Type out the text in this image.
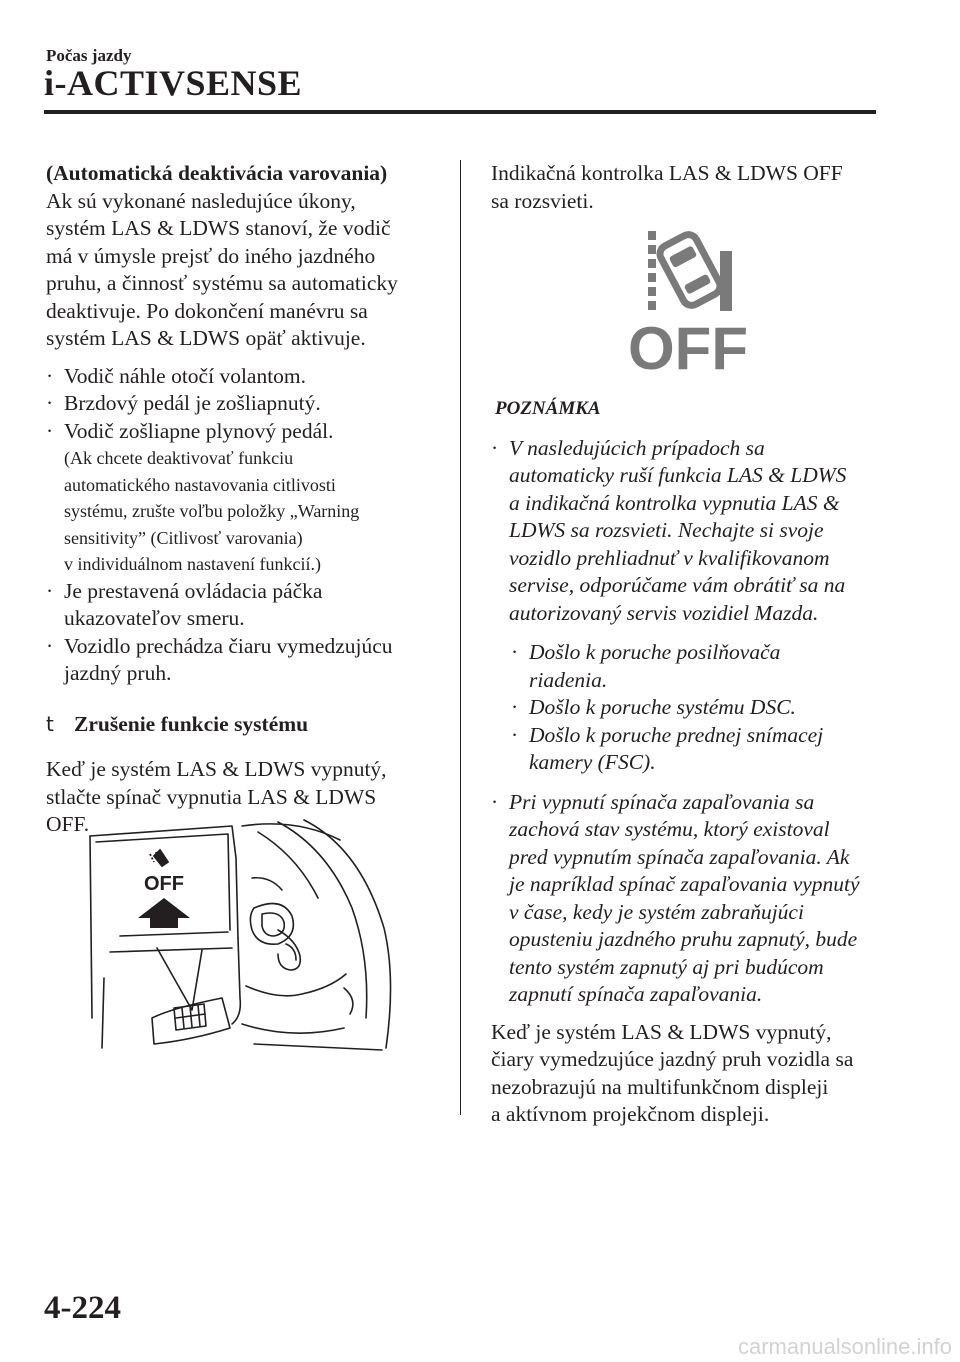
Počas jazdy
i-ACTIVSENSE

(Automatická deaktivácia varovania)

Ak sú vykonané nasledujúce úkony,

systém LAS & LDWS stanoví, že vodič

má v úmysle prejsť do iného jazdného

pruhu, a činnosť systému sa automaticky

deaktivuje. Po dokončení manévru sa

systém LAS & LDWS opäť aktivuje.

· Vodič náhle otočí volantom.

· Brzdový pedál je zošliapnutý.

· Vodič zošliapne plynový pedál.

(Ak chcete deaktivovať funkciu

automatického nastavovania citlivosti

systému, zrušte voľbu položky „Warning

sensitivity” (Citlivosť varovania)

v individuálnom nastavení funkcií.)

· Je prestavená ovládacia páčka

ukazovateľov smeru.

· Vozidlo prechádza čiaru vymedzujúcu

jazdný pruh.

t Zrušenie funkcie systému

Keď je systém LAS & LDWS vypnutý,

stlačte spínač vypnutia LAS & LDWS

OFF.

OFF

Indikačná kontrolka LAS & LDWS OFF

sa rozsvieti.

POZNÁMKA

· V nasledujúcich prípadoch sa

automaticky ruší funkcia LAS & LDWS

a indikačná kontrolka vypnutia LAS &

LDWS sa rozsvieti. Nechajte si svoje

vozidlo prehliadnuť v kvalifikovanom

servise, odporúčame vám obrátiť sa na

autorizovaný servis vozidiel Mazda.

· Došlo k poruche posilňovača

riadenia.

· Došlo k poruche systému DSC.

· Došlo k poruche prednej snímacej

kamery (FSC).

· Pri vypnutí spínača zapaľovania sa

zachová stav systému, ktorý existoval

pred vypnutím spínača zapaľovania. Ak

je napríklad spínač zapaľovania vypnutý

v čase, kedy je systém zabraňujúci

opusteniu jazdného pruhu zapnutý, bude

tento systém zapnutý aj pri budúcom

zapnutí spínača zapaľovania.

Keď je systém LAS & LDWS vypnutý,

čiary vymedzujúce jazdný pruh vozidla sa

nezobrazujú na multifunkčnom displeji

a aktívnom projekčnom displeji.

OFF
4-224
carmanualsonline.info
